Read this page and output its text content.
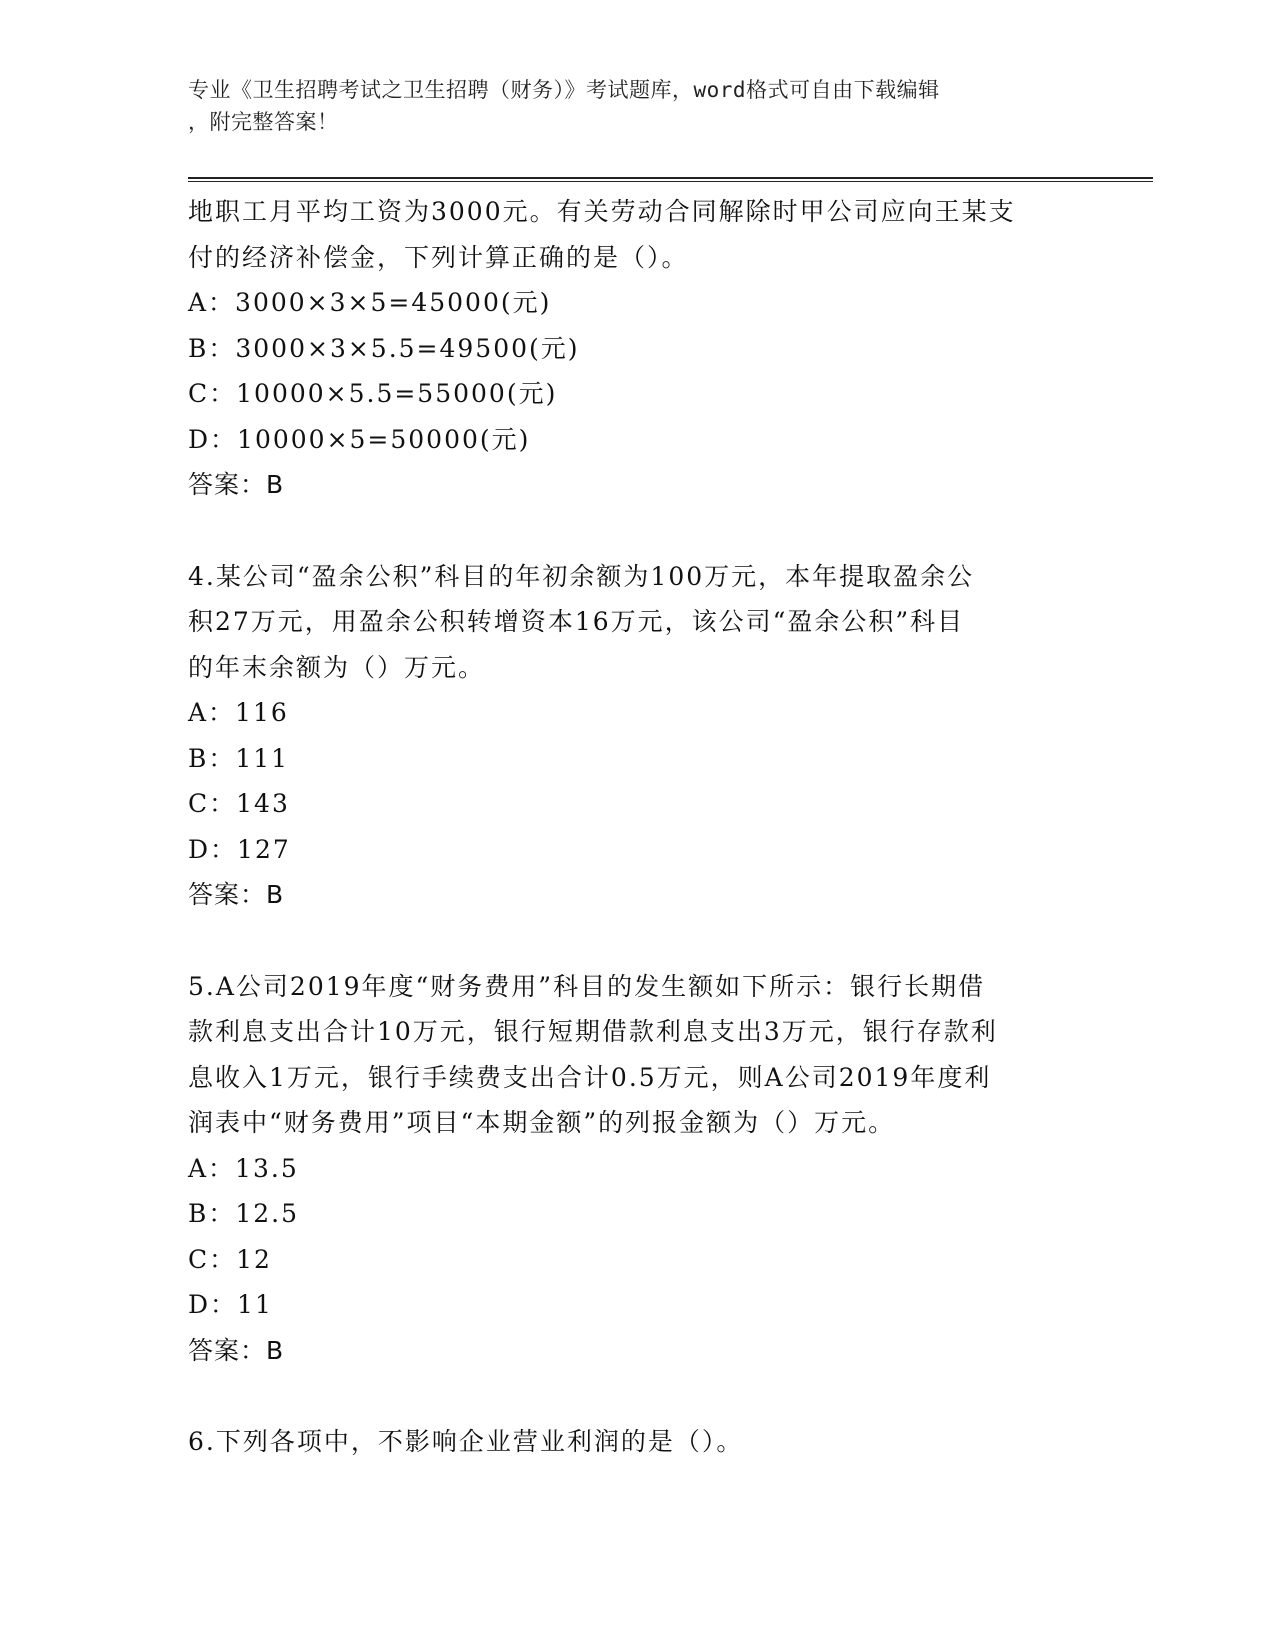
专业《卫生招聘考试之卫生招聘（财务）》考试题库，word格式可自由下载编辑
，附完整答案！

地职工月平均工资为3000元。有关劳动合同解除时甲公司应向王某支

付的经济补偿金，下列计算正确的是（）。

A：3000×3×5=45000(元)

B：3000×3×5.5=49500(元)

C：10000×5.5=55000(元)

D：10000×5=50000(元)

答案：B

4.某公司“盈余公积”科目的年初余额为100万元，本年提取盈余公

积27万元，用盈余公积转增资本16万元，该公司“盈余公积”科目

的年末余额为（）万元。

A：116

B：111

C：143

D：127

答案：B

5.A公司2019年度“财务费用”科目的发生额如下所示：银行长期借

款利息支出合计10万元，银行短期借款利息支出3万元，银行存款利

息收入1万元，银行手续费支出合计0.5万元，则A公司2019年度利

润表中“财务费用”项目“本期金额”的列报金额为（）万元。

A：13.5

B：12.5

C：12

D：11

答案：B

6.下列各项中，不影响企业营业利润的是（）。
